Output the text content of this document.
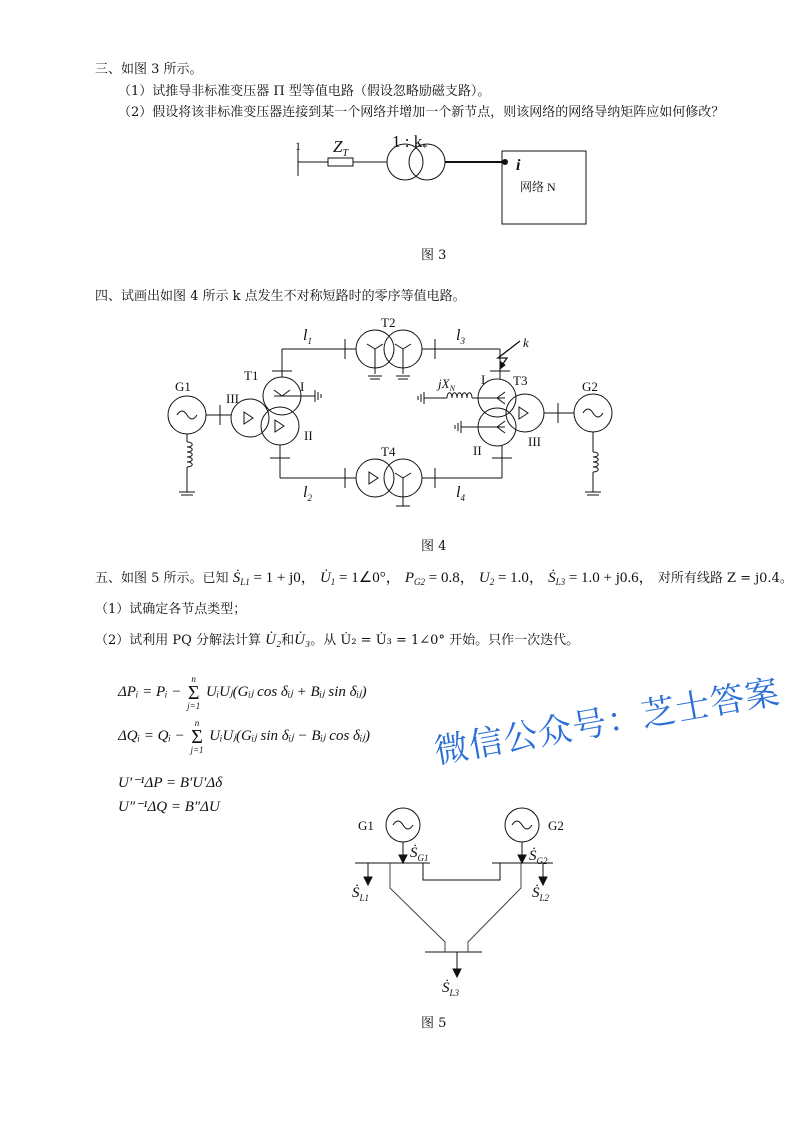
三、如图 3 所示。
（1）试推导非标准变压器 Π 型等值电路（假设忽略励磁支路）。
（2）假设将该非标准变压器连接到某一个网络并增加一个新节点，则该网络的网络导纳矩阵应如何修改？
1 $Z_T$
1 : $k_*$
i
网络 N
G1	G2
T1
T2
T3
T4
III
I
II
I
II
III
k
$jX_N$
$l_1$	$l_3$
$l_2$	$l_4$
G1	G2
Ṡ$_{G1}$	Ṡ$_{G2}$
Ṡ$_{L1}$	Ṡ$_{L2}$
Ṡ$_{L3}$
图 3
四、试画出如图 4 所示 k 点发生不对称短路时的零序等值电路。
图 4
五、如图 5 所示。已知 Ṡ$_{L1}$ = 1 + j0， $U̇_1$ = 1∠0°， $P_{G2} = 0.8$， $U_2 = 1.0$， Ṡ$_{L3}$ = 1.0 + j0.6， 对所有线路 Z = j0.4。
（1）试确定各节点类型；
（2）试利用 PQ 分解法计算 U̇₂和U̇₃。从 U̇₂ = U̇₃ = 1∠0° 开始。只作一次迭代。
ΔPᵢ = Pᵢ −
n
Σ
j=1
UᵢUⱼ(Gᵢⱼ cos δᵢⱼ + Bᵢⱼ sin δᵢⱼ)
ΔQᵢ = Qᵢ −
n
Σ
j=1
UᵢUⱼ(Gᵢⱼ sin δᵢⱼ − Bᵢⱼ cos δᵢⱼ)
U′⁻¹ΔP = B′U′Δδ
U″⁻¹ΔQ = B″ΔU
图 5
微信公众号：芝士答案
